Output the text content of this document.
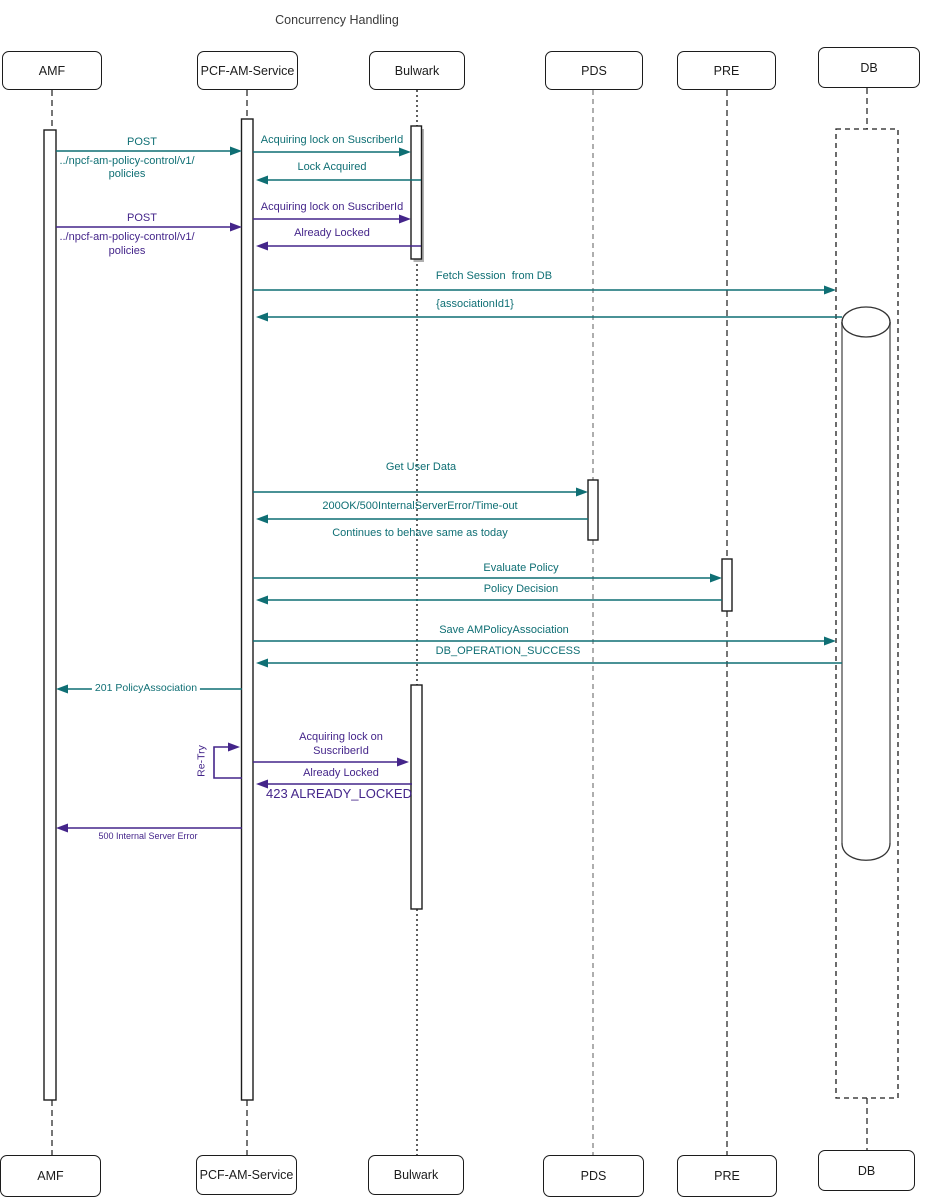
Concurrency Handling
AMF	PCF-AM-Service	Bulwark	PDS	PRE	DB
AMF	PCF-AM-Service	Bulwark	PDS	PRE	DB
POST
../npcf-am-policy-control/v1/
policies
Acquiring lock on SuscriberId
Lock Acquired
Acquiring lock on SuscriberId
POST
../npcf-am-policy-control/v1/
policies
Already Locked
Fetch Session  from DB
{associationId1}
Get User Data
200OK/500InternalServerError/Time-out
Continues to behave same as today
Evaluate Policy
Policy Decision
Save AMPolicyAssociation
DB_OPERATION_SUCCESS
201 PolicyAssociation
Re-Try
Acquiring lock on
SuscriberId
Already Locked
423 ALREADY_LOCKED
500 Internal Server Error
